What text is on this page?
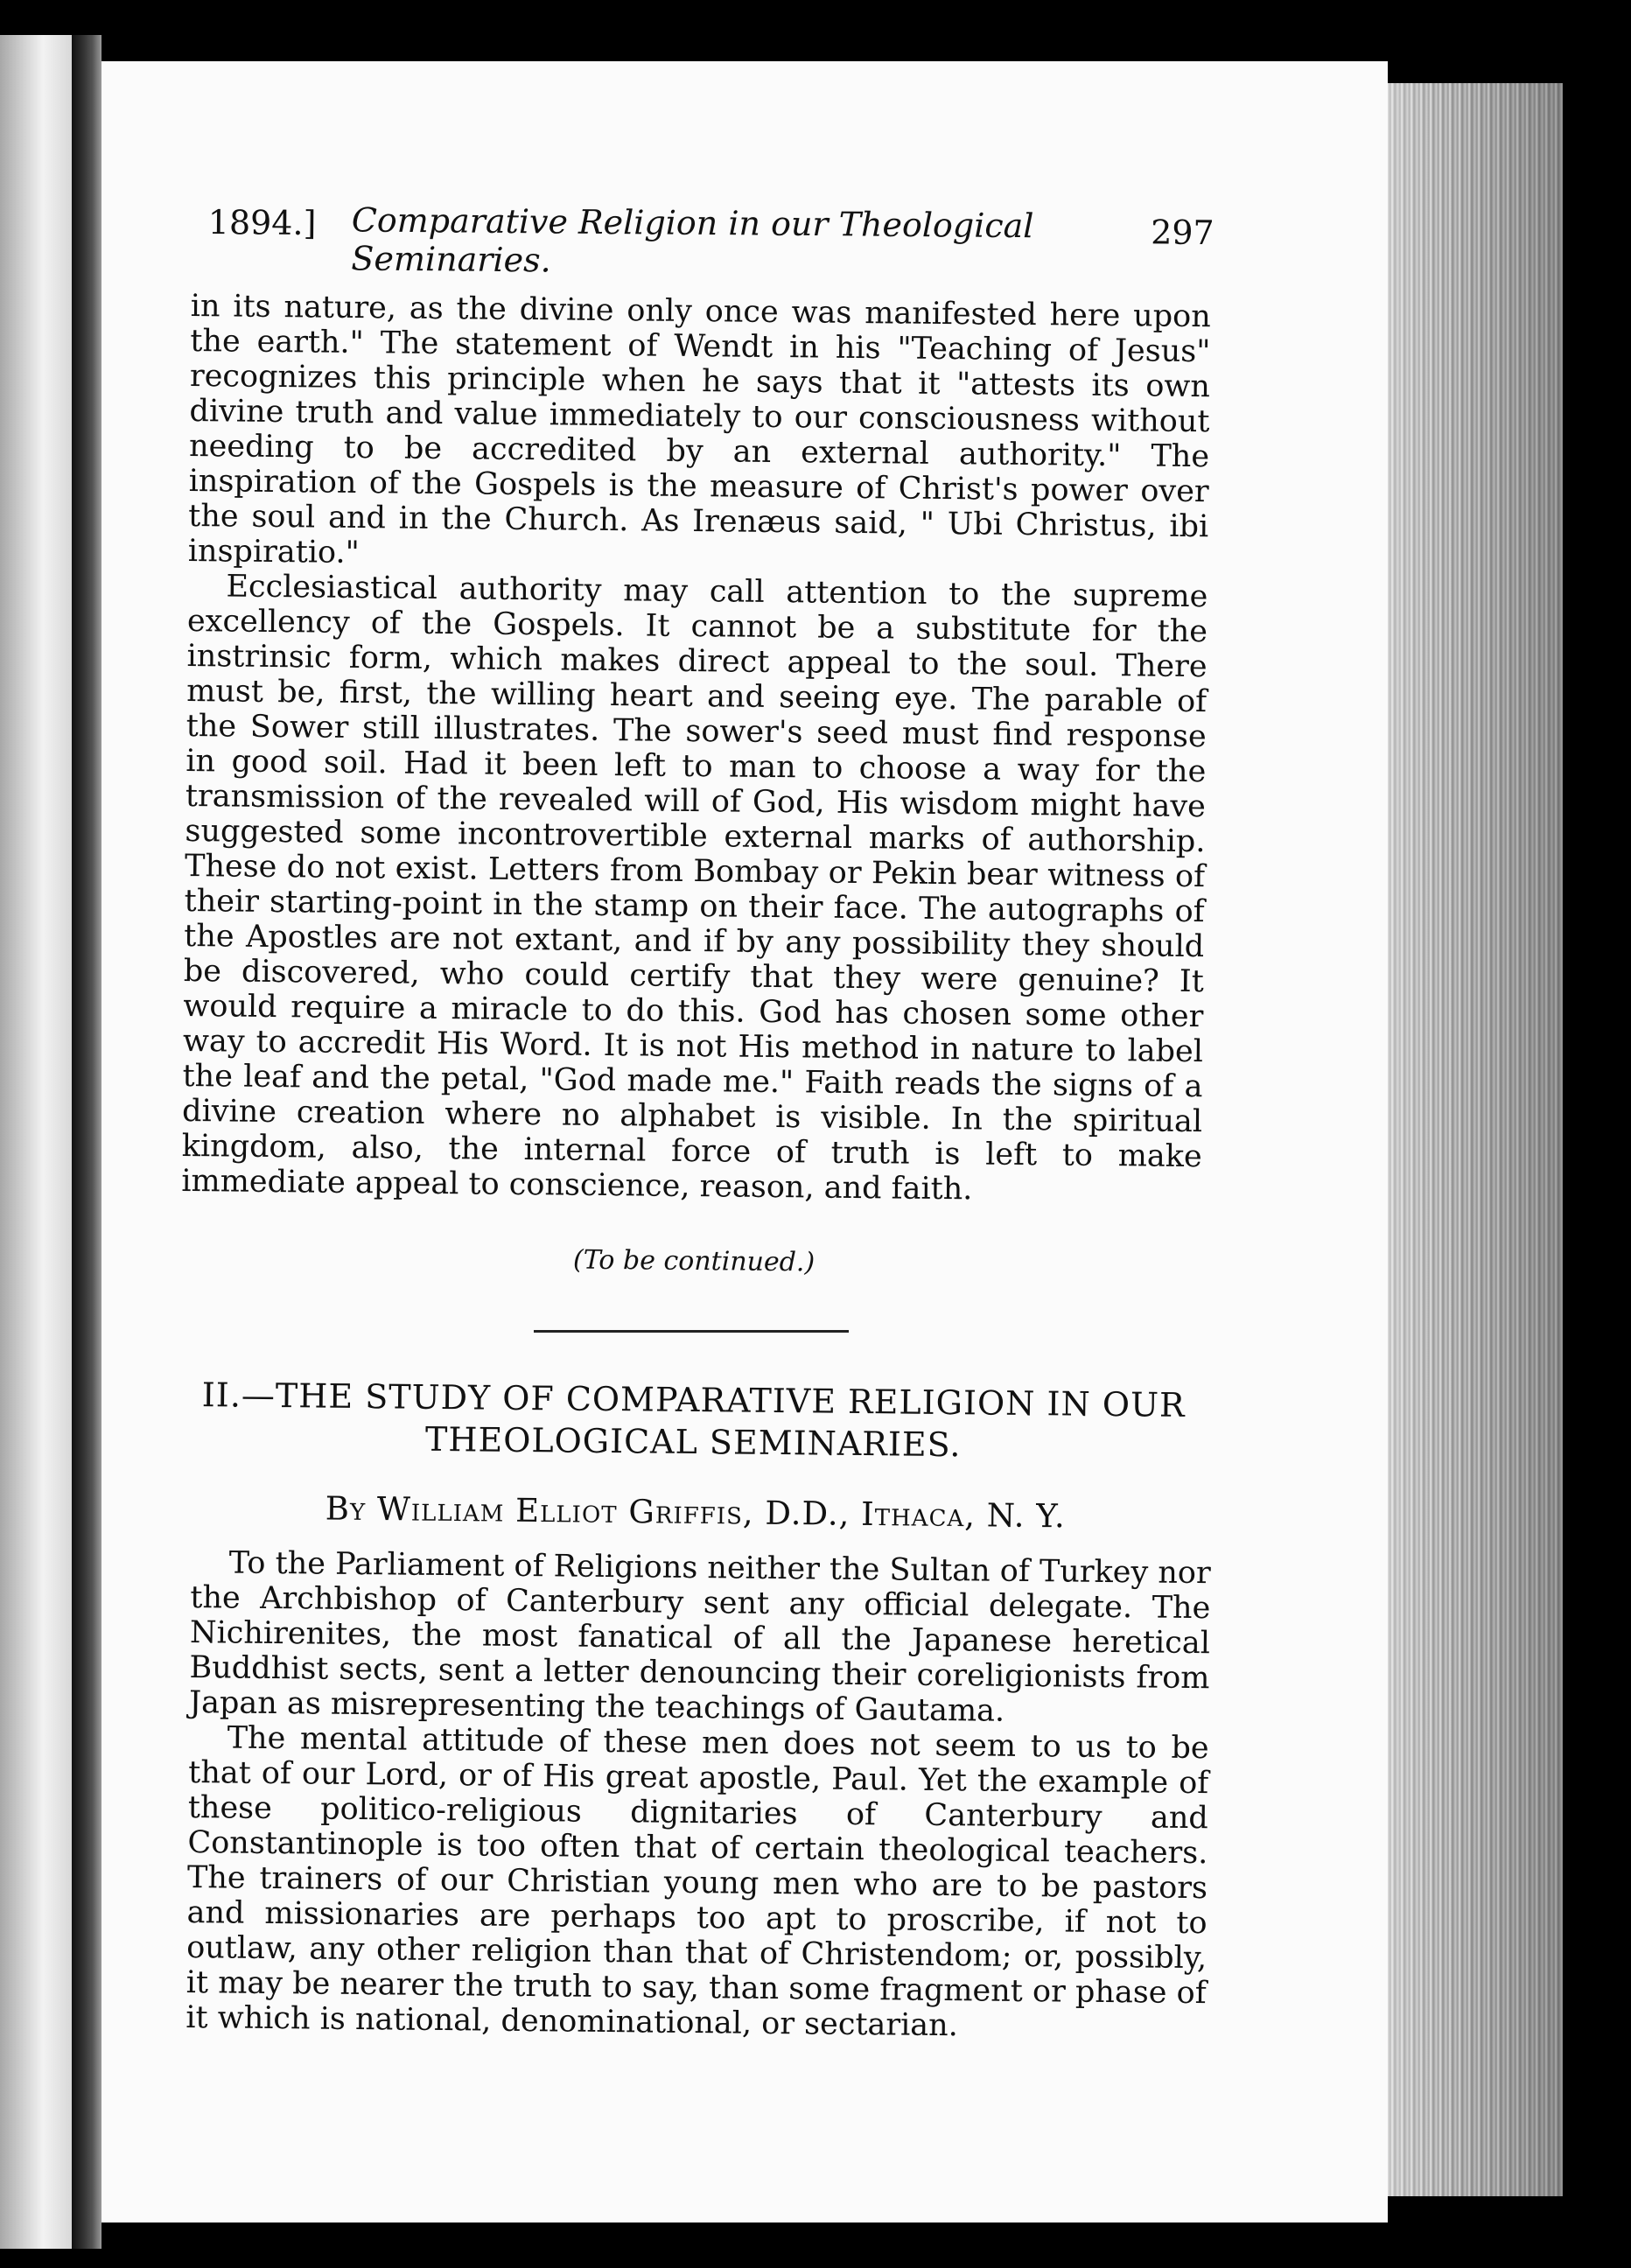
1894.] Comparative Religion in our Theological Seminaries.
297

in its nature, as the divine only once was manifested here upon the earth." The statement of Wendt in his "Teaching of Jesus" recognizes this principle when he says that it "attests its own divine truth and value immediately to our consciousness without needing to be accredited by an external authority." The inspiration of the Gospels is the measure of Christ's power over the soul and in the Church. As Irenæus said, " Ubi Christus, ibi inspiratio."

Ecclesiastical authority may call attention to the supreme excellency of the Gospels. It cannot be a substitute for the instrinsic form, which makes direct appeal to the soul. There must be, first, the willing heart and seeing eye. The parable of the Sower still illustrates. The sower's seed must find response in good soil. Had it been left to man to choose a way for the transmission of the revealed will of God, His wisdom might have suggested some incontrovertible external marks of authorship. These do not exist. Letters from Bombay or Pekin bear witness of their starting-point in the stamp on their face. The autographs of the Apostles are not extant, and if by any possibility they should be discovered, who could certify that they were genuine? It would require a miracle to do this. God has chosen some other way to accredit His Word. It is not His method in nature to label the leaf and the petal, "God made me." Faith reads the signs of a divine creation where no alphabet is visible. In the spiritual kingdom, also, the internal force of truth is left to make immediate appeal to conscience, reason, and faith.

(To be continued.)
II.—THE STUDY OF COMPARATIVE RELIGION IN OUR
THEOLOGICAL SEMINARIES.
By William Elliot Griffis, D.D., Ithaca, N. Y.

To the Parliament of Religions neither the Sultan of Turkey nor the Archbishop of Canterbury sent any official delegate. The Nichirenites, the most fanatical of all the Japanese heretical Buddhist sects, sent a letter denouncing their coreligionists from Japan as misrepresenting the teachings of Gautama.

The mental attitude of these men does not seem to us to be that of our Lord, or of His great apostle, Paul. Yet the example of these politico-religious dignitaries of Canterbury and Constantinople is too often that of certain theological teachers. The trainers of our Christian young men who are to be pastors and missionaries are perhaps too apt to proscribe, if not to outlaw, any other religion than that of Christendom; or, possibly, it may be nearer the truth to say, than some fragment or phase of it which is national, denominational, or sectarian.
